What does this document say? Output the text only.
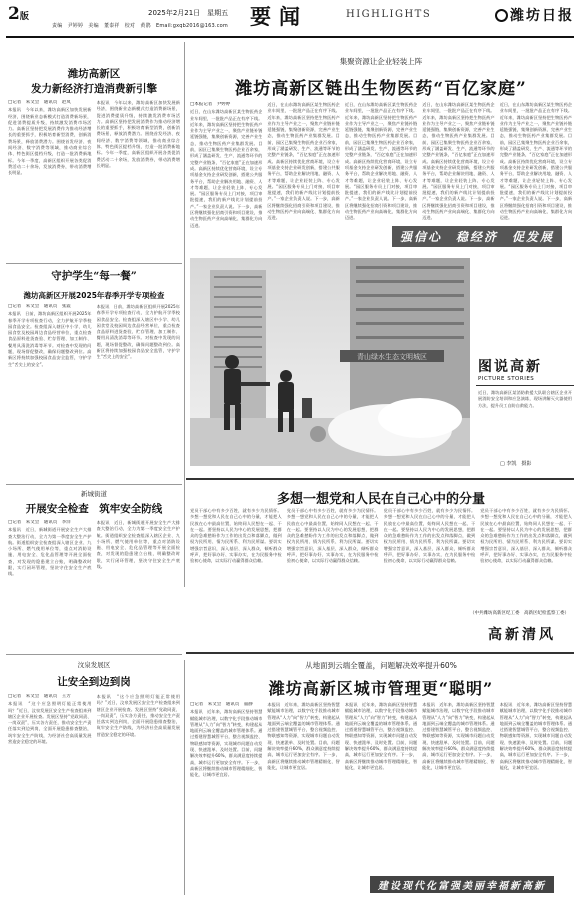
2版	2025年2月21日　星期五
责编　尹婷婷　美编　董泰祥　校对　黄鹃　Email:gxqb2016@163.com 要闻	HIGHLIGHTS	潍坊日报
潍坊高新区
发力新经济打造消费新引擎
□记者　朱文会　通讯员　赵岚
本报讯　今年以来，潍坊高新区加快发展新经济，围绕新业态新模式打造消费新场景，促进消费提质升级，持续激发消费市场活力。高新区坚持把发展消费作为推动经济增长的重要抓手，积极培育新型消费，创新消费场景，释放消费潜力。围绕首发经济、夜间经济、数字消费等领域，推动商业综合体、特色街区提档升级，打造一批消费新地标。今年一季度，高新区组织开展各类促消费活动二十余场，发放消费券，带动消费增长明显。
本报讯　今年以来，潍坊高新区加快发展新经济，围绕新业态新模式打造消费新场景，促进消费提质升级，持续激发消费市场活力。高新区坚持把发展消费作为推动经济增长的重要抓手，积极培育新型消费，创新消费场景，释放消费潜力。围绕首发经济、夜间经济、数字消费等领域，推动商业综合体、特色街区提档升级，打造一批消费新地标。今年一季度，高新区组织开展各类促消费活动二十余场，发放消费券，带动消费增长明显。
守护学生“每一餐”
潍坊高新区开展2025年春季开学专项检查
□记者　朱文会　通讯员　张震
本报讯　日前，潍坊高新区组织开展2025年春季开学专项检查行动，全力护航开学季校园食品安全。检查组深入辖区中小学、幼儿园食堂及校园周边食品经营单位，重点检查食品原料进货查验、贮存管理、加工制作、餐用具清洗消毒等环节。对检查中发现的问题，现场督促整改，确保问题整改到位。高新区将持续加强校园食品安全监管，守护学生“舌尖上的安全”。
本报讯　日前，潍坊高新区组织开展2025年春季开学专项检查行动，全力护航开学季校园食品安全。检查组深入辖区中小学、幼儿园食堂及校园周边食品经营单位，重点检查食品原料进货查验、贮存管理、加工制作、餐用具清洗消毒等环节。对检查中发现的问题，现场督促整改，确保问题整改到位。高新区将持续加强校园食品安全监管，守护学生“舌尖上的安全”。
新城街道
开展安全检查　筑牢安全防线
□记者　朱文会　通讯员　李洋
本报讯　近日，新城街道开展安全生产大排查大整治行动，全力为第一季度安全生产护航。街道组织安全检查组深入辖区企业、九小场所、燃气使用单位等，重点对消防设施、用电安全、危化品管理等开展全面检查，对发现的隐患建立台账，明确整改时限，实行闭环管理，坚决守住安全生产底线。
本报讯　近日，新城街道开展安全生产大排查大整治行动，全力为第一季度安全生产护航。街道组织安全检查组深入辖区企业、九小场所、燃气使用单位等，重点对消防设施、用电安全、危化品管理等开展全面检查，对发现的隐患建立台账，明确整改时限，实行闭环管理，坚决守住安全生产底线。
汶泉发展区
让安全到边到岗
□记者　朱文会　通讯员　王芳
本报讯　“这个应急照明灯能正常使用吗？”近日，汶泉发展区安全生产检查组来到辖区企业开展检查。发展区坚持“党政同责、一岗双责”，压实各方责任，推动安全生产责任落实到边到岗，全面开展隐患排查整治，筑牢安全生产防线，为经济社会高质量发展营造安全稳定的环境。
本报讯　“这个应急照明灯能正常使用吗？”近日，汶泉发展区安全生产检查组来到辖区企业开展检查。发展区坚持“党政同责、一岗双责”，压实各方责任，推动安全生产责任落实到边到岗，全面开展隐患排查整治，筑牢安全生产防线，为经济社会高质量发展营造安全稳定的环境。
集聚资源让企业轻装上阵
潍坊高新区链出生物医药“百亿家庭”
□本报记者　尹婷婷
近日，在山东潍坊高新区某生物医药企业车间里，一批批产品正在有序下线。近年来，潍坊高新区坚持把生物医药产业作为主导产业之一，聚焦产业链补链延链强链，集聚创新资源，完善产业生态，推动生物医药产业集群发展。目前，园区已集聚生物医药企业百余家，形成了涵盖研发、生产、流通等环节的完整产业链条，“百亿家庭”正在加速形成。高新区持续优化营商环境，设立专项基金支持企业研发创新，搭建公共服务平台，帮助企业解决用地、融资、人才等难题，让企业轻装上阵、专心发展。“园区服务专员上门对接，项目审批提速，我们的新产线比计划提前投产。”一家企业负责人说。下一步，高新区将继续强化招商引资和项目建设，推动生物医药产业向高端化、集群化方向迈进。
近日，在山东潍坊高新区某生物医药企业车间里，一批批产品正在有序下线。近年来，潍坊高新区坚持把生物医药产业作为主导产业之一，聚焦产业链补链延链强链，集聚创新资源，完善产业生态，推动生物医药产业集群发展。目前，园区已集聚生物医药企业百余家，形成了涵盖研发、生产、流通等环节的完整产业链条，“百亿家庭”正在加速形成。高新区持续优化营商环境，设立专项基金支持企业研发创新，搭建公共服务平台，帮助企业解决用地、融资、人才等难题，让企业轻装上阵、专心发展。“园区服务专员上门对接，项目审批提速，我们的新产线比计划提前投产。”一家企业负责人说。下一步，高新区将继续强化招商引资和项目建设，推动生物医药产业向高端化、集群化方向迈进。
近日，在山东潍坊高新区某生物医药企业车间里，一批批产品正在有序下线。近年来，潍坊高新区坚持把生物医药产业作为主导产业之一，聚焦产业链补链延链强链，集聚创新资源，完善产业生态，推动生物医药产业集群发展。目前，园区已集聚生物医药企业百余家，形成了涵盖研发、生产、流通等环节的完整产业链条，“百亿家庭”正在加速形成。高新区持续优化营商环境，设立专项基金支持企业研发创新，搭建公共服务平台，帮助企业解决用地、融资、人才等难题，让企业轻装上阵、专心发展。“园区服务专员上门对接，项目审批提速，我们的新产线比计划提前投产。”一家企业负责人说。下一步，高新区将继续强化招商引资和项目建设，推动生物医药产业向高端化、集群化方向迈进。
近日，在山东潍坊高新区某生物医药企业车间里，一批批产品正在有序下线。近年来，潍坊高新区坚持把生物医药产业作为主导产业之一，聚焦产业链补链延链强链，集聚创新资源，完善产业生态，推动生物医药产业集群发展。目前，园区已集聚生物医药企业百余家，形成了涵盖研发、生产、流通等环节的完整产业链条，“百亿家庭”正在加速形成。高新区持续优化营商环境，设立专项基金支持企业研发创新，搭建公共服务平台，帮助企业解决用地、融资、人才等难题，让企业轻装上阵、专心发展。“园区服务专员上门对接，项目审批提速，我们的新产线比计划提前投产。”一家企业负责人说。下一步，高新区将继续强化招商引资和项目建设，推动生物医药产业向高端化、集群化方向迈进。
近日，在山东潍坊高新区某生物医药企业车间里，一批批产品正在有序下线。近年来，潍坊高新区坚持把生物医药产业作为主导产业之一，聚焦产业链补链延链强链，集聚创新资源，完善产业生态，推动生物医药产业集群发展。目前，园区已集聚生物医药企业百余家，形成了涵盖研发、生产、流通等环节的完整产业链条，“百亿家庭”正在加速形成。高新区持续优化营商环境，设立专项基金支持企业研发创新，搭建公共服务平台，帮助企业解决用地、融资、人才等难题，让企业轻装上阵、专心发展。“园区服务专员上门对接，项目审批提速，我们的新产线比计划提前投产。”一家企业负责人说。下一步，高新区将继续强化招商引资和项目建设，推动生物医药产业向高端化、集群化方向迈进。
强信心　稳经济　促发展
青山绿水生态文明城区
图说高新
PICTURE STORIES
近日，潍坊高新区某消防救援大队联合辖区企业开展消防安全培训和应急演练，现场讲解灭火器使用方法，提升员工自防自救能力。
□ 李凯　摄影
多想一想党和人民在自己心中的分量
党员干部心中有多少百姓，就有多少为民情怀。多想一想党和人民在自己心中的分量，才能把人民放在心中最高位置，始终同人民想在一起、干在一起。要坚持以人民为中心的发展思想，把群众的急难愁盼作为工作的出发点和落脚点，做到权为民所用、情为民所系、利为民所谋。要切实增强宗旨意识，深入基层、深入群众，倾听群众呼声，把好事办好、实事办实，在为民服务中检验初心使命，以实际行动赢得群众信赖。
党员干部心中有多少百姓，就有多少为民情怀。多想一想党和人民在自己心中的分量，才能把人民放在心中最高位置，始终同人民想在一起、干在一起。要坚持以人民为中心的发展思想，把群众的急难愁盼作为工作的出发点和落脚点，做到权为民所用、情为民所系、利为民所谋。要切实增强宗旨意识，深入基层、深入群众，倾听群众呼声，把好事办好、实事办实，在为民服务中检验初心使命，以实际行动赢得群众信赖。
党员干部心中有多少百姓，就有多少为民情怀。多想一想党和人民在自己心中的分量，才能把人民放在心中最高位置，始终同人民想在一起、干在一起。要坚持以人民为中心的发展思想，把群众的急难愁盼作为工作的出发点和落脚点，做到权为民所用、情为民所系、利为民所谋。要切实增强宗旨意识，深入基层、深入群众，倾听群众呼声，把好事办好、实事办实，在为民服务中检验初心使命，以实际行动赢得群众信赖。
党员干部心中有多少百姓，就有多少为民情怀。多想一想党和人民在自己心中的分量，才能把人民放在心中最高位置，始终同人民想在一起、干在一起。要坚持以人民为中心的发展思想，把群众的急难愁盼作为工作的出发点和落脚点，做到权为民所用、情为民所系、利为民所谋。要切实增强宗旨意识，深入基层、深入群众，倾听群众呼声，把好事办好、实事办实，在为民服务中检验初心使命，以实际行动赢得群众信赖。
（中共潍坊高新区纪工委　高新区纪检监察工委）
高新清风
从地面到云端全覆盖，问题解决效率提升60%
潍坊高新区城市管理更“聪明”
□记者　朱文会　通讯员　董静
本报讯　近年来，潍坊高新区坚持智慧赋能城市治理，以数字化手段推动城市管理从“人力”向“智力”转变，构建起从地面到云端全覆盖的城市管理体系。通过搭建智慧城管平台，整合视频监控、物联感知等资源，实现城市问题自动发现、快速派单、及时处置。目前，问题解决效率提升60%，群众满意度持续提高，城市运行更加安全有序。下一步，高新区将继续推动城市管理精细化、智能化，让城市更宜居。
本报讯　近年来，潍坊高新区坚持智慧赋能城市治理，以数字化手段推动城市管理从“人力”向“智力”转变，构建起从地面到云端全覆盖的城市管理体系。通过搭建智慧城管平台，整合视频监控、物联感知等资源，实现城市问题自动发现、快速派单、及时处置。目前，问题解决效率提升60%，群众满意度持续提高，城市运行更加安全有序。下一步，高新区将继续推动城市管理精细化、智能化，让城市更宜居。
本报讯　近年来，潍坊高新区坚持智慧赋能城市治理，以数字化手段推动城市管理从“人力”向“智力”转变，构建起从地面到云端全覆盖的城市管理体系。通过搭建智慧城管平台，整合视频监控、物联感知等资源，实现城市问题自动发现、快速派单、及时处置。目前，问题解决效率提升60%，群众满意度持续提高，城市运行更加安全有序。下一步，高新区将继续推动城市管理精细化、智能化，让城市更宜居。
本报讯　近年来，潍坊高新区坚持智慧赋能城市治理，以数字化手段推动城市管理从“人力”向“智力”转变，构建起从地面到云端全覆盖的城市管理体系。通过搭建智慧城管平台，整合视频监控、物联感知等资源，实现城市问题自动发现、快速派单、及时处置。目前，问题解决效率提升60%，群众满意度持续提高，城市运行更加安全有序。下一步，高新区将继续推动城市管理精细化、智能化，让城市更宜居。
本报讯　近年来，潍坊高新区坚持智慧赋能城市治理，以数字化手段推动城市管理从“人力”向“智力”转变，构建起从地面到云端全覆盖的城市管理体系。通过搭建智慧城管平台，整合视频监控、物联感知等资源，实现城市问题自动发现、快速派单、及时处置。目前，问题解决效率提升60%，群众满意度持续提高，城市运行更加安全有序。下一步，高新区将继续推动城市管理精细化、智能化，让城市更宜居。
建设现代化富强美丽幸福新高新
